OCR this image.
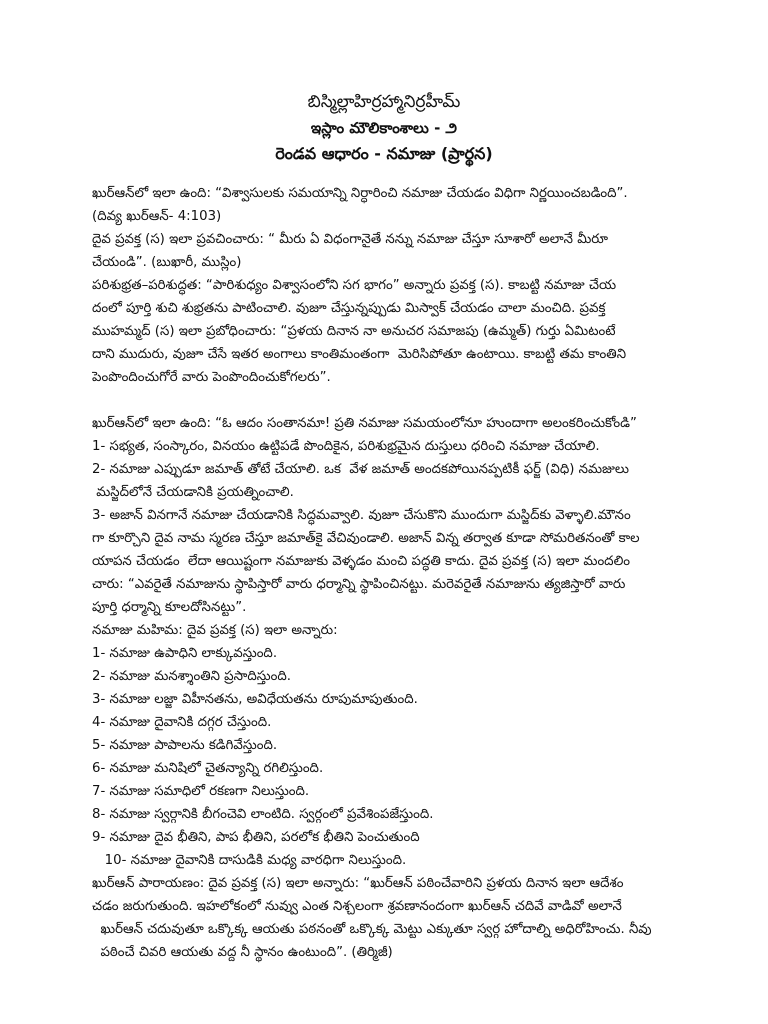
బిస్మిల్లాహిర్రహ్మానిర్రహీమ్
ఇస్లాం మౌలికాంశాలు - ౨
రెండవ ఆధారం - నమాజు (ప్రార్థన)
ఖుర్‌ఆన్‌లో ఇలా ఉంది: “విశ్వాసులకు సమయాన్ని నిర్ధారించి నమాజు చేయడం విధిగా నిర్ణయించబడింది”.
(దివ్య ఖుర్‌ఆన్- 4:103)
దైవ ప్రవక్త (స) ఇలా ప్రవచించారు: “ మీరు ఏ విధంగానైతే నన్ను నమాజు చేస్తూ సూశారో అలానే మీరూ
చేయండి”. (బుఖారీ, ముస్లిం)
పరిశుభ్రత–పరిశుద్ధత: “పారిశుధ్యం విశ్వాసంలోని సగ భాగం” అన్నారు ప్రవక్త (స). కాబట్టి నమాజు చేయ
దంలో పూర్తి శుచి శుభ్రతను పాటించాలి. వుజూ చేస్తున్నప్పుడు మిస్వాక్ చేయడం చాలా మంచిది. ప్రవక్త
ముహమ్మద్ (స) ఇలా ప్రబోధించారు: “ప్రళయ దినాన నా అనుచర సమాజపు (ఉమ్మత్) గుర్తు ఏమిటంటే
దాని ముదురు, వుజూ చేసే ఇతర అంగాలు కాంతిమంతంగా  మెరిసిపోతూ ఉంటాయి. కాబట్టి తమ కాంతిని
పెంపొందించుగోరే వారు పెంపొందించుకోగలరు”.
ఖుర్‌ఆన్‌లో ఇలా ఉంది: “ఓ ఆదం సంతానమా! ప్రతి నమాజు సమయంలోనూ హుందాగా అలంకరించుకోండి”
1- సభ్యత, సంస్కారం, వినయం ఉట్టిపడే పొందికైన, పరిశుభ్రమైన దుస్తులు ధరించి నమాజు చేయాలి.
2- నమాజు ఎప్పుడూ జమాత్ తోటే చేయాలి. ఒక  వేళ జమాత్ అందకపోయినప్పటికీ ఫర్జ్ (విధి) నమజులు
మస్జిద్‌లోనే చేయడానికి ప్రయత్నించాలి.
3- అజాన్ వినగానే నమాజు చేయడానికి సిద్ధమవ్వాలి. వుజూ చేసుకొని ముందుగా మస్జిద్‌కు వెళ్ళాలి.మౌనం
గా కూర్చొని దైవ నామ స్మరణ చేస్తూ జమాత్‌కై వేచివుండాలి. అజాన్ విన్న తర్వాత కూడా సోమరితనంతో కాల
యాపన చేయడం  లేదా ఆయిష్టంగా నమాజుకు వెళ్ళడం మంచి పద్ధతి కాదు. దైవ ప్రవక్త (స) ఇలా మందలిం
చారు: “ఎవరైతే నమాజును స్థాపిస్తారో వారు ధర్మాన్ని స్థాపించినట్టు. మరెవరైతే నమాజును త్యజిస్తారో వారు
పూర్తి ధర్మాన్ని కూలదోసినట్టు”.
నమాజు మహిమ: దైవ ప్రవక్త (స) ఇలా అన్నారు:
1- నమాజు ఉపాధిని లాక్కువస్తుంది.
2- నమాజు మనశ్శాంతిని ప్రసాదిస్తుంది.
3- నమాజు లజ్జా విహీనతను, అవిధేయతను రూపుమాపుతుంది.
4- నమాజు దైవానికి దగ్గర చేస్తుంది.
5- నమాజు పాపాలను కడిగివేస్తుంది.
6- నమాజు మనిషిలో చైతన్యాన్ని రగిలిస్తుంది.
7- నమాజు సమాధిలో రకణగా నిలుస్తుంది.
8- నమాజు స్వర్గానికి బీగంచెవి లాంటిది. స్వర్గంలో ప్రవేశింపజేస్తుంది.
9- నమాజు దైవ భీతిని, పాప భీతిని, పరలోక భీతిని పెంచుతుంది
10- నమాజు దైవానికి దాసుడికి మధ్య వారధిగా నిలుస్తుంది.
ఖుర్‌ఆన్ పారాయణం: దైవ ప్రవక్త (స) ఇలా అన్నారు: “ఖుర్‌ఆన్ పఠించేవారిని ప్రళయ దినాన ఇలా ఆదేశం
చడం జరుగుతుంది. ఇహలోకంలో నువ్వు ఎంత నిశ్చలంగా శ్రవణానందంగా ఖుర్‌ఆన్ చదివే వాడివో అలానే
ఖుర్‌ఆన్ చదువుతూ ఒక్కొక్క ఆయతు పఠనంతో ఒక్కొక్క మెట్టు ఎక్కుతూ స్వర్గ హోదాల్ని అధిరోహించు. నీవు
పఠించే చివరి ఆయతు వద్ద నీ స్థానం ఉంటుంది”. (తిర్మిజీ)
